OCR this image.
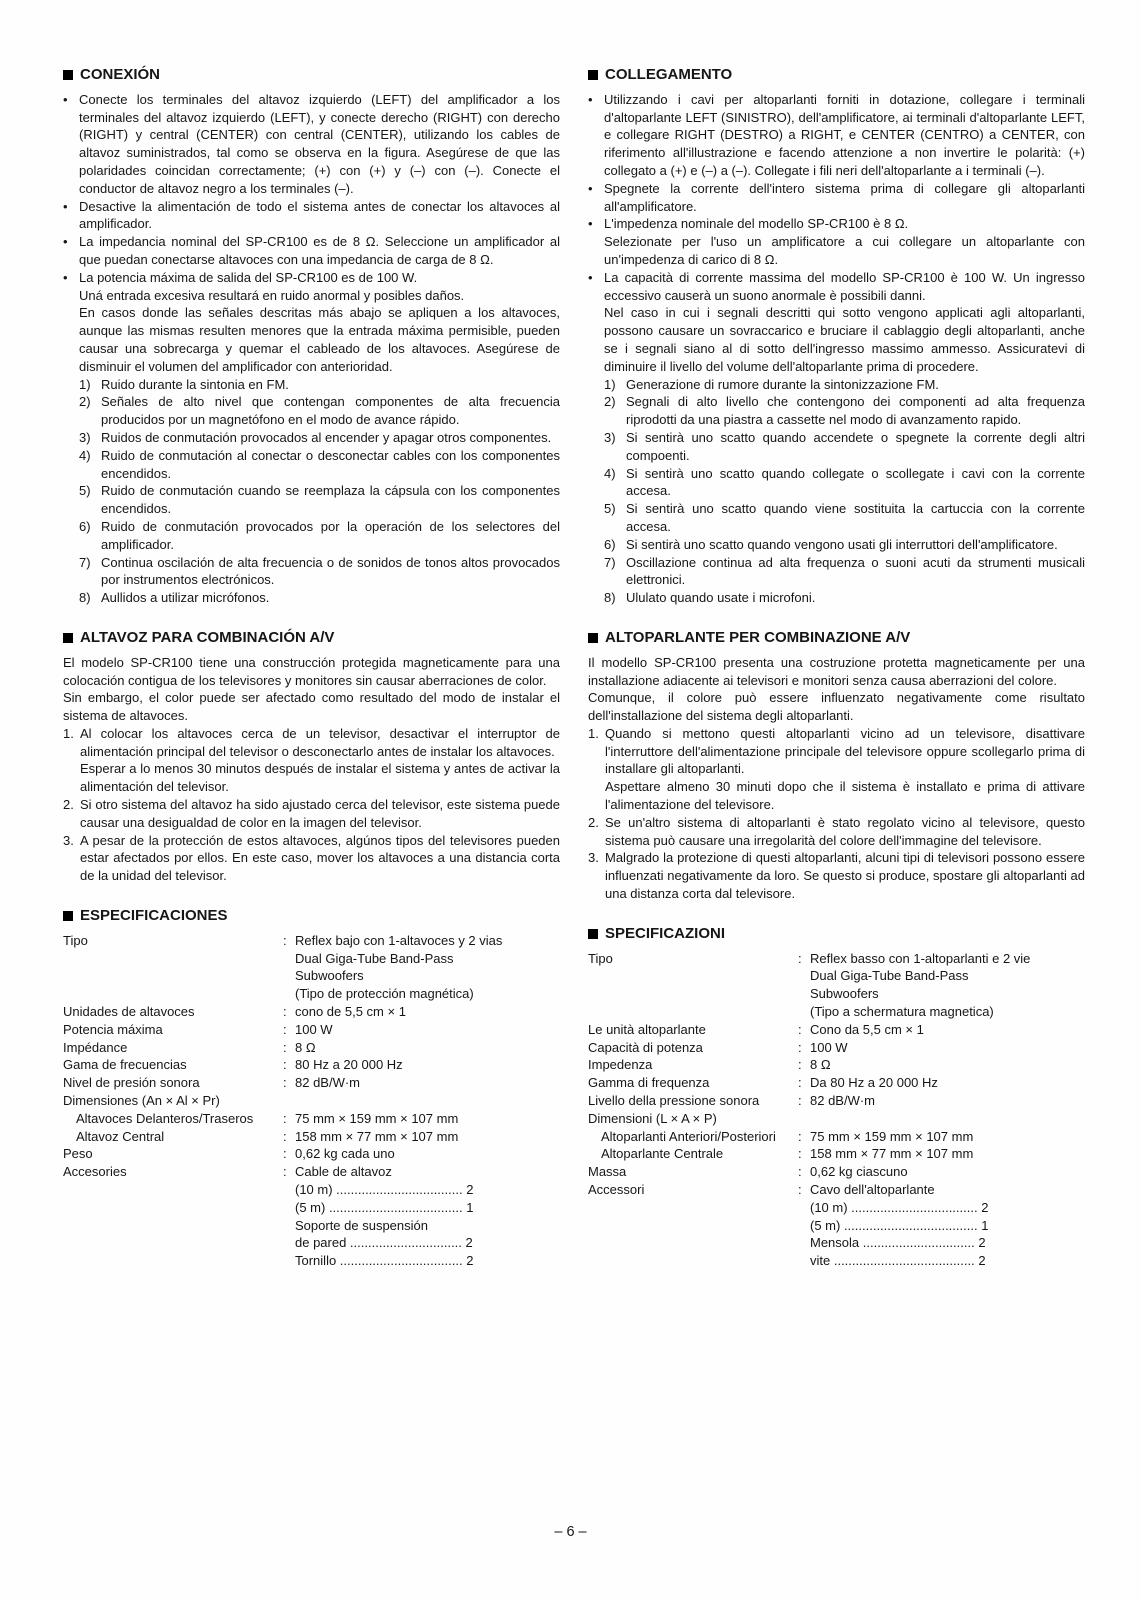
CONEXIÓN
• Conecte los terminales del altavoz izquierdo (LEFT) del amplificador a los terminales del altavoz izquierdo (LEFT), y conecte derecho (RIGHT) con derecho (RIGHT) y central (CENTER) con central (CENTER), utilizando los cables de altavoz suministrados, tal como se observa en la figura. Asegúrese de que las polaridades coincidan correctamente; (+) con (+) y (–) con (–). Conecte el conductor de altavoz negro a los terminales (–).
• Desactive la alimentación de todo el sistema antes de conectar los altavoces al amplificador.
• La impedancia nominal del SP-CR100 es de 8 Ω. Seleccione un amplificador al que puedan conectarse altavoces con una impedancia de carga de 8 Ω.
• La potencia máxima de salida del SP-CR100 es de 100 W.
Uná entrada excesiva resultará en ruido anormal y posibles daños.
En casos donde las señales descritas más abajo se apliquen a los altavoces, aunque las mismas resulten menores que la entrada máxima permisible, pueden causar una sobrecarga y quemar el cableado de los altavoces. Asegúrese de disminuir el volumen del amplificador con anterioridad.
1) Ruido durante la sintonia en FM.
2) Señales de alto nivel que contengan componentes de alta frecuencia producidos por un magnetófono en el modo de avance rápido.
3) Ruidos de conmutación provocados al encender y apagar otros componentes.
4) Ruido de conmutación al conectar o desconectar cables con los componentes encendidos.
5) Ruido de conmutación cuando se reemplaza la cápsula con los componentes encendidos.
6) Ruido de conmutación provocados por la operación de los selectores del amplificador.
7) Continua oscilación de alta frecuencia o de sonidos de tonos altos provocados por instrumentos electrónicos.
8) Aullidos a utilizar micrófonos.
ALTAVOZ PARA COMBINACIÓN A/V
El modelo SP-CR100 tiene una construcción protegida magneticamente para una colocación contigua de los televisores y monitores sin causar aberraciones de color.
Sin embargo, el color puede ser afectado como resultado del modo de instalar el sistema de altavoces.
1. Al colocar los altavoces cerca de un televisor, desactivar el interruptor de alimentación principal del televisor o desconectarlo antes de instalar los altavoces.
Esperar a lo menos 30 minutos después de instalar el sistema y antes de activar la alimentación del televisor.
2. Si otro sistema del altavoz ha sido ajustado cerca del televisor, este sistema puede causar una desigualdad de color en la imagen del televisor.
3. A pesar de la protección de estos altavoces, algúnos tipos del televisores pueden estar afectados por ellos. En este caso, mover los altavoces a una distancia corta de la unidad del televisor.
ESPECIFICACIONES
Tipo	: Reflex bajo con 1-altavoces y 2 vias
Dual Giga-Tube Band-Pass
Subwoofers
(Tipo de protección magnética)
Unidades de altavoces	: cono de 5,5 cm × 1
Potencia máxima	: 100 W
Impédance	: 8 Ω
Gama de frecuencias	: 80 Hz a 20 000 Hz
Nivel de presión sonora	: 82 dB/W·m
Dimensiones (An × Al × Pr)
Altavoces Delanteros/Traseros	: 75 mm × 159 mm × 107 mm
Altavoz Central	: 158 mm × 77 mm × 107 mm
Peso	: 0,62 kg cada uno
Accesories	: Cable de altavoz
(10 m) ................................... 2
(5 m) ..................................... 1
Soporte de suspensión
de pared ............................... 2
Tornillo .................................. 2
COLLEGAMENTO
• Utilizzando i cavi per altoparlanti forniti in dotazione, collegare i terminali d'altoparlante LEFT (SINISTRO), dell'amplificatore, ai terminali d'altoparlante LEFT, e collegare RIGHT (DESTRO) a RIGHT, e CENTER (CENTRO) a CENTER, con riferimento all'illustrazione e facendo attenzione a non invertire le polarità: (+) collegato a (+) e (–) a (–). Collegate i fili neri dell'altoparlante a i terminali (–).
• Spegnete la corrente dell'intero sistema prima di collegare gli altoparlanti all'amplificatore.
• L'impedenza nominale del modello SP-CR100 è 8 Ω.
Selezionate per l'uso un amplificatore a cui collegare un altoparlante con un'impedenza di carico di 8 Ω.
• La capacità di corrente massima del modello SP-CR100 è 100 W. Un ingresso eccessivo causerà un suono anormale è possibili danni.
Nel caso in cui i segnali descritti qui sotto vengono applicati agli altoparlanti, possono causare un sovraccarico e bruciare il cablaggio degli altoparlanti, anche se i segnali siano al di sotto dell'ingresso massimo ammesso. Assicuratevi di diminuire il livello del volume dell'altoparlante prima di procedere.
1) Generazione di rumore durante la sintonizzazione FM.
2) Segnali di alto livello che contengono dei componenti ad alta frequenza riprodotti da una piastra a cassette nel modo di avanzamento rapido.
3) Si sentirà uno scatto quando accendete o spegnete la corrente degli altri compoenti.
4) Si sentirà uno scatto quando collegate o scollegate i cavi con la corrente accesa.
5) Si sentirà uno scatto quando viene sostituita la cartuccia con la corrente accesa.
6) Si sentirà uno scatto quando vengono usati gli interruttori dell'amplificatore.
7) Oscillazione continua ad alta frequenza o suoni acuti da strumenti musicali elettronici.
8) Ululato quando usate i microfoni.
ALTOPARLANTE PER COMBINAZIONE A/V
Il modello SP-CR100 presenta una costruzione protetta magneticamente per una installazione adiacente ai televisori e monitori senza causa aberrazioni del colore.
Comunque, il colore può essere influenzato negativamente come risultato dell'installazione del sistema degli altoparlanti.
1. Quando si mettono questi altoparlanti vicino ad un televisore, disattivare l'interruttore dell'alimentazione principale del televisore oppure scollegarlo prima di installare gli altoparlanti.
Aspettare almeno 30 minuti dopo che il sistema è installato e prima di attivare l'alimentazione del televisore.
2. Se un'altro sistema di altoparlanti è stato regolato vicino al televisore, questo sistema può causare una irregolarità del colore dell'immagine del televisore.
3. Malgrado la protezione di questi altoparlanti, alcuni tipi di televisori possono essere influenzati negativamente da loro. Se questo si produce, spostare gli altoparlanti ad una distanza corta dal televisore.
SPECIFICAZIONI
Tipo	: Reflex basso con 1-altoparlanti e 2 vie
Dual Giga-Tube Band-Pass
Subwoofers
(Tipo a schermatura magnetica)
Le unità altoparlante	: Cono da 5,5 cm × 1
Capacità di potenza	: 100 W
Impedenza	: 8 Ω
Gamma di frequenza	: Da 80 Hz a 20 000 Hz
Livello della pressione sonora	: 82 dB/W·m
Dimensioni (L × A × P)
Altoparlanti Anteriori/Posteriori	: 75 mm × 159 mm × 107 mm
Altoparlante Centrale	: 158 mm × 77 mm × 107 mm
Massa	: 0,62 kg ciascuno
Accessori	: Cavo dell'altoparlante
(10 m) ................................... 2
(5 m) ..................................... 1
Mensola ............................... 2
vite ....................................... 2
– 6 –
